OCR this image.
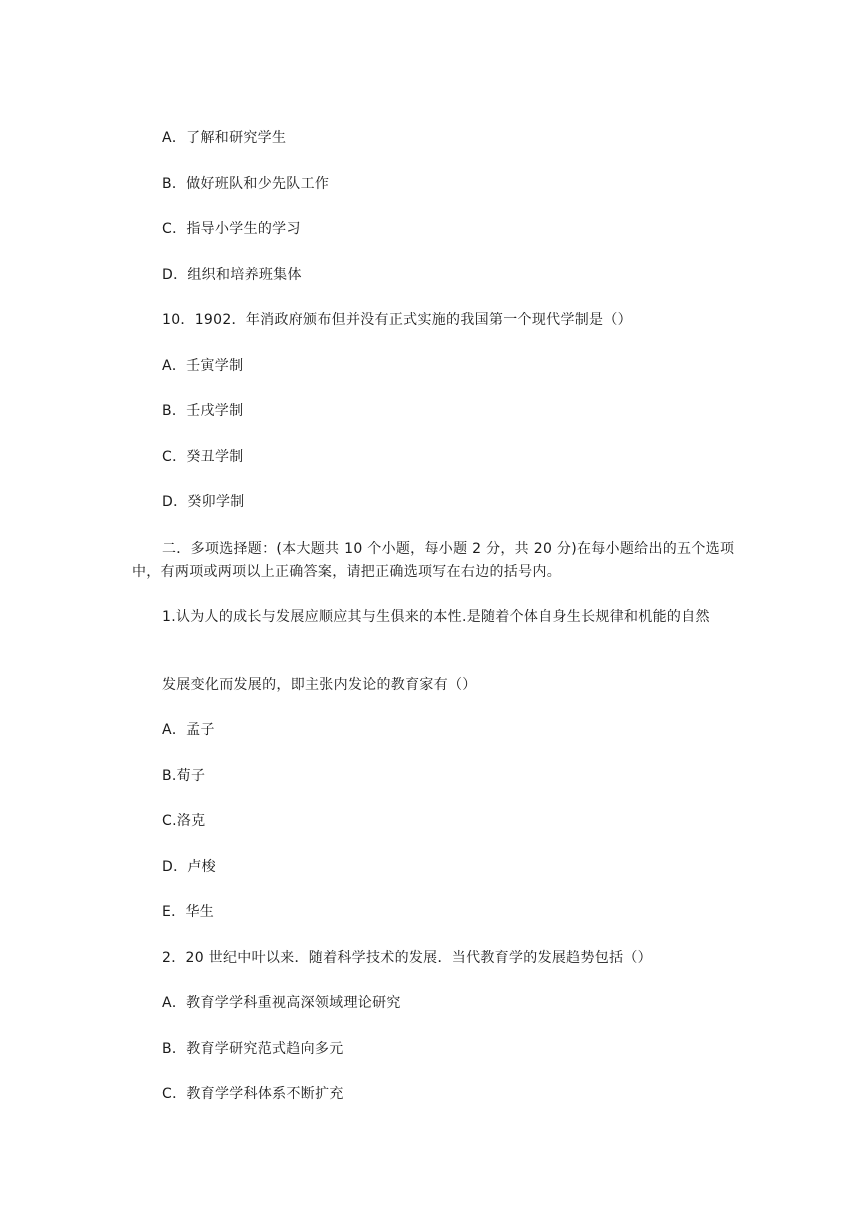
A．了解和研究学生
B．做好班队和少先队工作
C．指导小学生的学习
D．组织和培养班集体
10．1902．年消政府颁布但并没有正式实施的我国第一个现代学制是（）
A．壬寅学制
B．壬戌学制
C．癸丑学制
D．癸卯学制
二．多项选择题：(本大题共 10 个小题，每小题 2 分，共 20 分)在每小题给出的五个选项中，有两项或两项以上正确答案，请把正确选项写在右边的括号内。
1.认为人的成长与发展应顺应其与生俱来的本性.是随着个体自身生长规律和机能的自然
发展变化而发展的，即主张内发论的教育家有（）
A．孟子
B.荀子
C.洛克
D．卢梭
E．华生
2．20 世纪中叶以来．随着科学技术的发展．当代教育学的发展趋势包括（）
A．教育学学科重视高深领域理论研究
B．教育学研究范式趋向多元
C．教育学学科体系不断扩充
